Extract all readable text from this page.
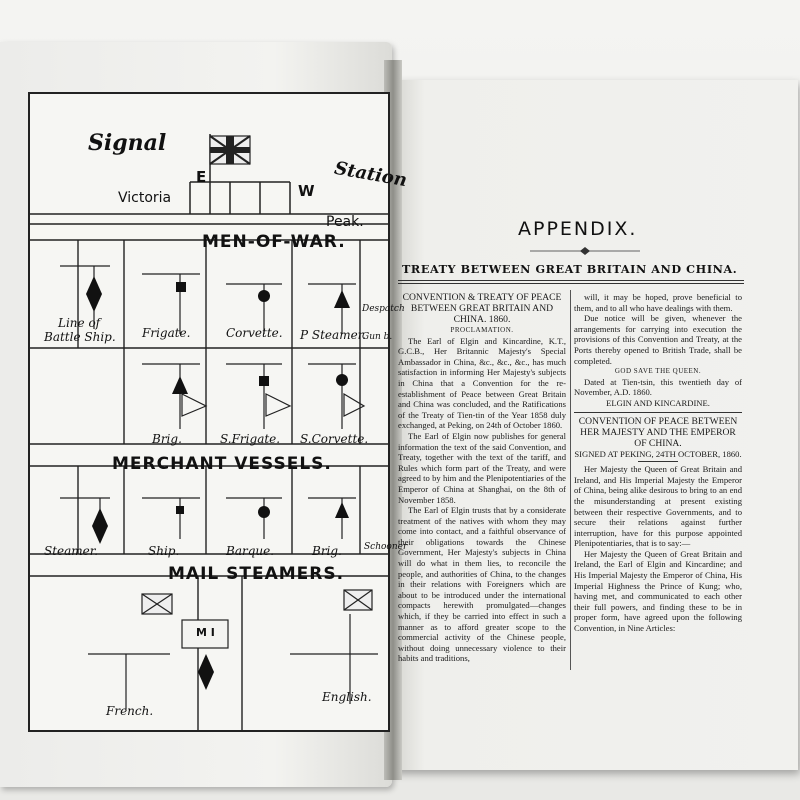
Signal
Station
E
W
Victoria
Peak.
MEN-OF-WAR.
MERCHANT VESSELS.
MAIL STEAMERS.
Line of
Battle Ship. Frigate.	Corvette. P Steamer.
Despatch
Gun b.
Brig.	S.Frigate. S.Corvette.
Steamer.	Ship.	Barque.	Brig. Schooner
French.
English.
M I
APPENDIX.
TREATY BETWEEN GREAT BRITAIN AND CHINA.

CONVENTION & TREATY OF PEACE BETWEEN GREAT BRITAIN AND CHINA. 1860.

PROCLAMATION.

The Earl of Elgin and Kincardine, K.T., G.C.B., Her Britannic Majesty's Special Ambassador in China, &c., &c., &c., has much satisfaction in informing Her Majesty's subjects in China that a Convention for the re-establishment of Peace between Great Britain and China was concluded, and the Ratifications of the Treaty of Tien-tin of the Year 1858 duly exchanged, at Peking, on 24th of October 1860.

The Earl of Elgin now publishes for general information the text of the said Convention, and Treaty, together with the text of the tariff, and Rules which form part of the Treaty, and were agreed to by him and the Plenipotentiaries of the Emperor of China at Shanghai, on the 8th of November 1858.

The Earl of Elgin trusts that by a considerate treatment of the natives with whom they may come into contact, and a faithful observance of their obligations towards the Chinese Government, Her Majesty's subjects in China will do what in them lies, to reconcile the people, and authorities of China, to the changes in their relations with Foreigners which are about to be introduced under the international compacts herewith promulgated—changes which, if they be carried into effect in such a manner as to afford greater scope to the commercial activity of the Chinese people, without doing unnecessary violence to their habits and traditions,

will, it may be hoped, prove beneficial to them, and to all who have dealings with them.

Due notice will be given, whenever the arrangements for carrying into execution the provisions of this Convention and Treaty, at the Ports thereby opened to British Trade, shall be completed.

GOD SAVE THE QUEEN.

Dated at Tien-tsin, this twentieth day of November, A.D. 1860.

ELGIN AND KINCARDINE.

CONVENTION OF PEACE BETWEEN HER MAJESTY AND THE EMPEROR OF CHINA.

SIGNED AT PEKING, 24TH OCTOBER, 1860.

Her Majesty the Queen of Great Britain and Ireland, and His Imperial Majesty the Emperor of China, being alike desirous to bring to an end the misunderstanding at present existing between their respective Governments, and to secure their relations against further interruption, have for this purpose appointed Plenipotentiaries, that is to say:—

Her Majesty the Queen of Great Britain and Ireland, the Earl of Elgin and Kincardine; and His Imperial Majesty the Emperor of China, His Imperial Highness the Prince of Kung; who, having met, and communicated to each other their full powers, and finding these to be in proper form, have agreed upon the following Convention, in Nine Articles:
